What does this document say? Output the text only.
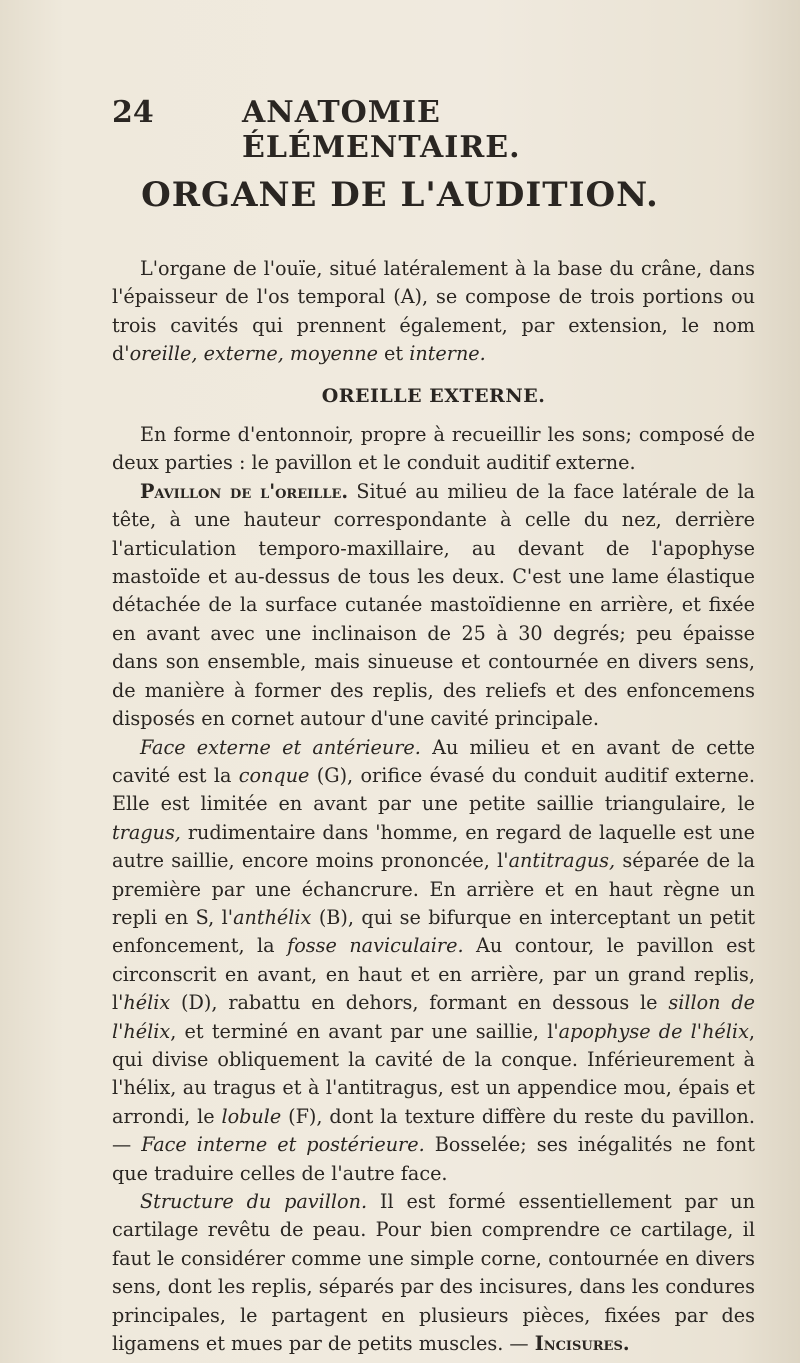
24	ANATOMIE ÉLÉMENTAIRE.
ORGANE DE L'AUDITION.

L'organe de l'ouïe, situé latéralement à la base du crâne, dans l'épaisseur de l'os temporal (A), se compose de trois portions ou trois cavités qui prennent également, par extension, le nom d'oreille, externe, moyenne et interne.

OREILLE EXTERNE.

En forme d'entonnoir, propre à recueillir les sons; composé de deux parties : le pavillon et le conduit auditif externe.

Pavillon de l'oreille. Situé au milieu de la face latérale de la tête, à une hauteur correspondante à celle du nez, derrière l'articulation temporo-maxillaire, au devant de l'apophyse mastoïde et au-dessus de tous les deux. C'est une lame élastique détachée de la surface cutanée mastoïdienne en arrière, et fixée en avant avec une inclinaison de 25 à 30 degrés; peu épaisse dans son ensemble, mais sinueuse et contournée en divers sens, de manière à former des replis, des reliefs et des enfoncemens disposés en cornet autour d'une cavité principale.

Face externe et antérieure. Au milieu et en avant de cette cavité est la conque (G), orifice évasé du conduit auditif externe. Elle est limitée en avant par une petite saillie triangulaire, le tragus, rudimentaire dans 'homme, en regard de laquelle est une autre saillie, encore moins prononcée, l'antitragus, séparée de la première par une échancrure. En arrière et en haut règne un repli en S, l'anthélix (B), qui se bifurque en interceptant un petit enfoncement, la fosse naviculaire. Au contour, le pavillon est circonscrit en avant, en haut et en arrière, par un grand replis, l'hélix (D), rabattu en dehors, formant en dessous le sillon de l'hélix, et terminé en avant par une saillie, l'apophyse de l'hélix, qui divise obliquement la cavité de la conque. Inférieurement à l'hélix, au tragus et à l'antitragus, est un appendice mou, épais et arrondi, le lobule (F), dont la texture diffère du reste du pavillon. — Face interne et postérieure. Bosselée; ses inégalités ne font que traduire celles de l'autre face.

Structure du pavillon. Il est formé essentiellement par un cartilage revêtu de peau. Pour bien comprendre ce cartilage, il faut le considérer comme une simple corne, contournée en divers sens, dont les replis, séparés par des incisures, dans les condures principales, le partagent en plusieurs pièces, fixées par des ligamens et mues par de petits muscles. — Incisures.
